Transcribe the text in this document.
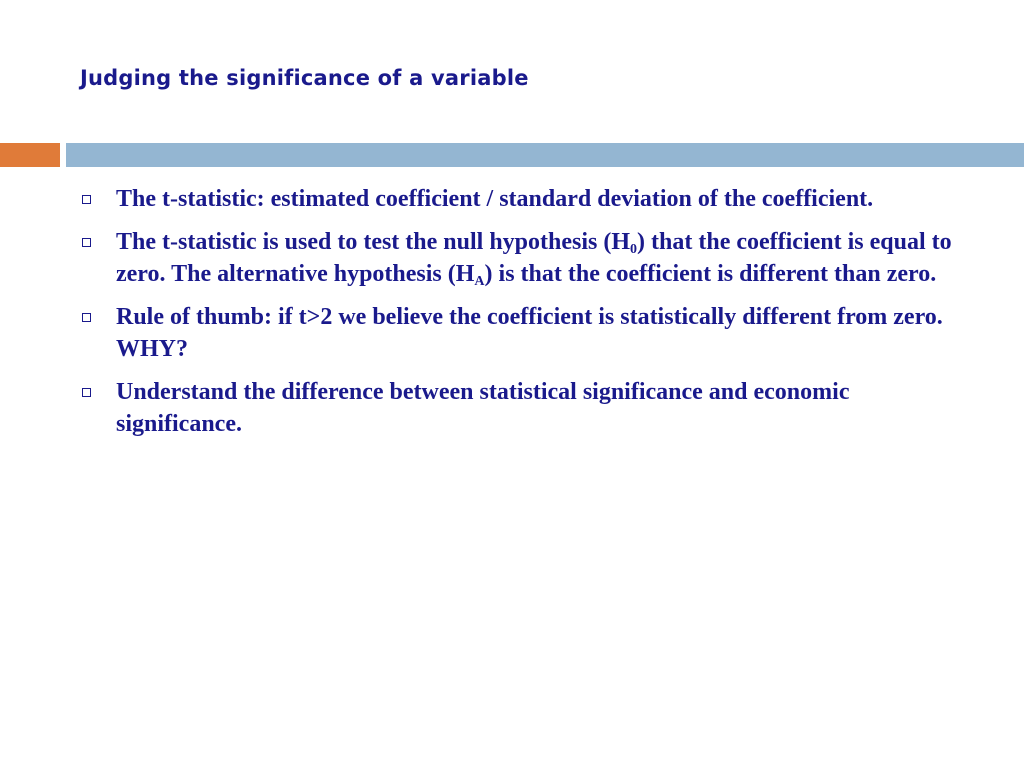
Judging the significance of a variable
The t-statistic: estimated coefficient / standard deviation of the coefficient.
The t-statistic is used to test the null hypothesis $(H_0)$ that the coefficient is equal to zero. The alternative hypothesis $(H_A)$ is that the coefficient is different than zero.
Rule of thumb: if t>2 we believe the coefficient is statistically different from zero. WHY?
Understand the difference between statistical significance and economic significance.
